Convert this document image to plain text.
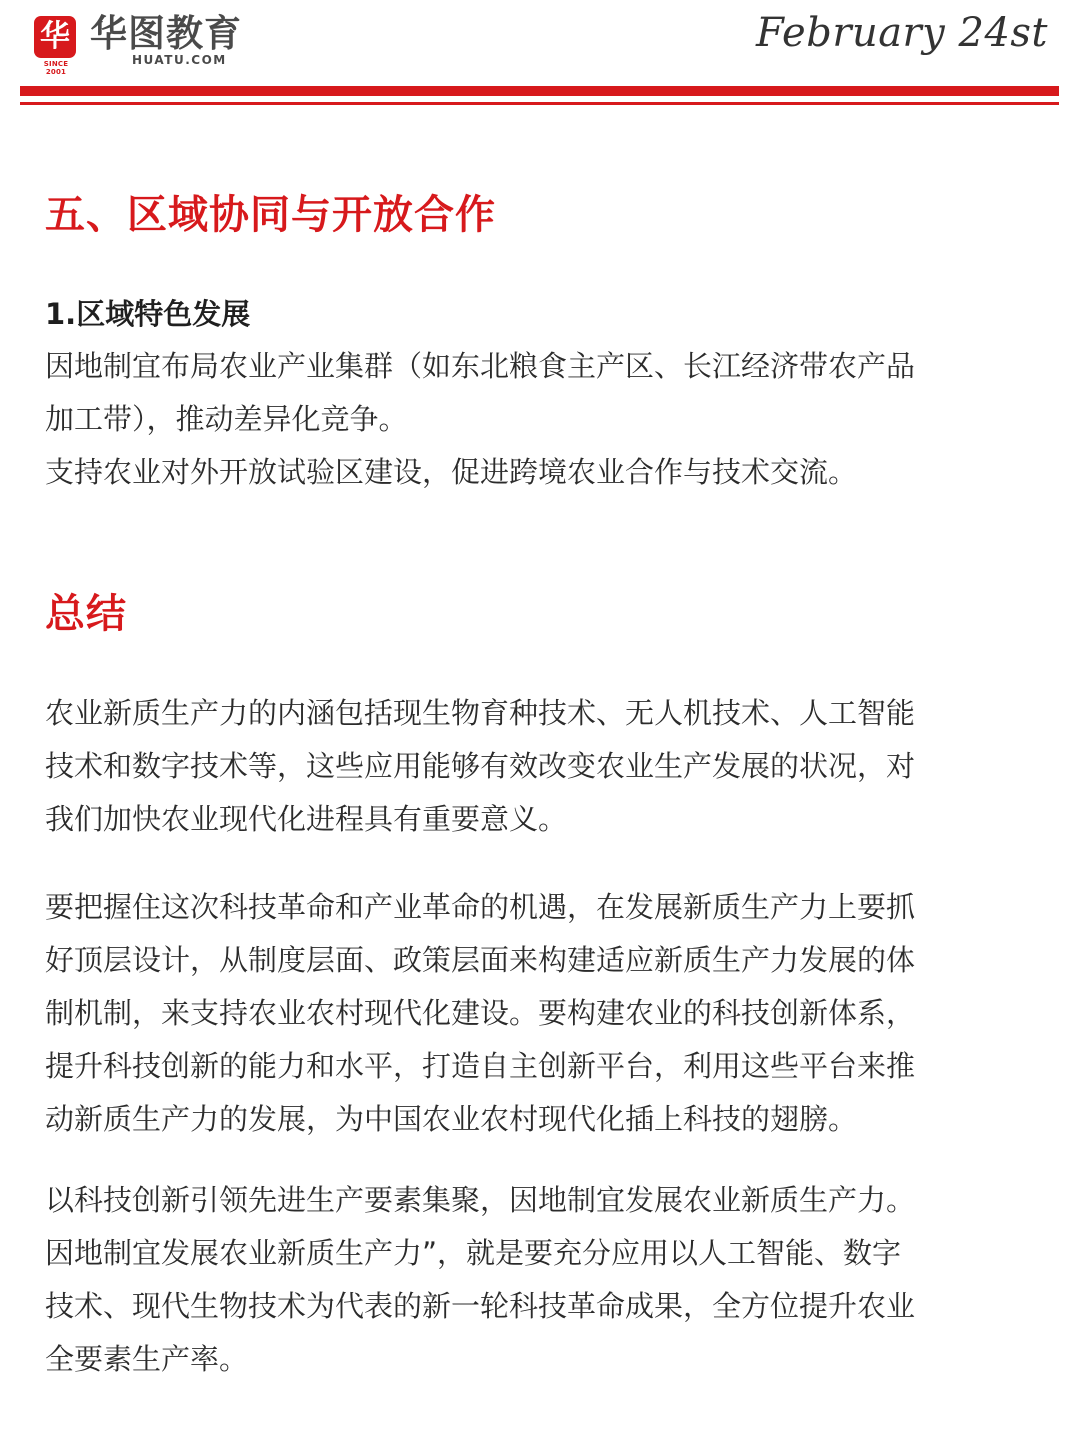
华
SINCE 2001
华图教育
HUATU.COM
February 24st
五、区域协同与开放合作
1.区域特色发展

因地制宜布局农业产业集群（如东北粮食主产区、长江经济带农产品
加工带），推动差异化竞争。
支持农业对外开放试验区建设，促进跨境农业合作与技术交流。

总结

农业新质生产力的内涵包括现生物育种技术、无人机技术、人工智能
技术和数字技术等，这些应用能够有效改变农业生产发展的状况，对
我们加快农业现代化进程具有重要意义。

要把握住这次科技革命和产业革命的机遇，在发展新质生产力上要抓
好顶层设计，从制度层面、政策层面来构建适应新质生产力发展的体
制机制，来支持农业农村现代化建设。要构建农业的科技创新体系，
提升科技创新的能力和水平，打造自主创新平台，利用这些平台来推
动新质生产力的发展，为中国农业农村现代化插上科技的翅膀。

以科技创新引领先进生产要素集聚，因地制宜发展农业新质生产力。
因地制宜发展农业新质生产力”，就是要充分应用以人工智能、数字
技术、现代生物技术为代表的新一轮科技革命成果，全方位提升农业
全要素生产率。
